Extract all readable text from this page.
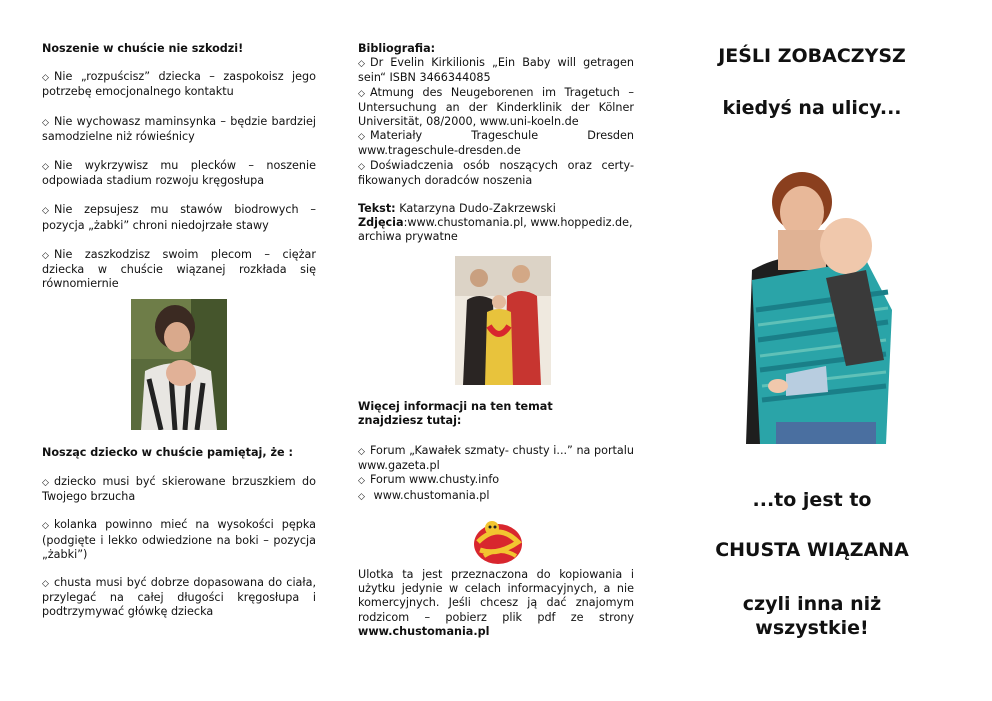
Noszenie w chuście nie szkodzi!

◇ Nie „rozpuścisz” dziecka – zaspokoisz jego potrzebę emocjonalnego kontaktu

◇ Nie wychowasz maminsynka – będzie bardziej samodzielne niż rówieśnicy

◇ Nie wykrzywisz mu plecków – noszenie odpowiada stadium rozwoju kręgosłupa

◇ Nie zepsujesz mu stawów biodrowych – pozycja „żabki” chroni niedojrzałe stawy

◇ Nie zaszkodzisz swoim plecom – ciężar dziecka w chuście wiązanej rozkłada się równomiernie

Nosząc dziecko w chuście pamiętaj, że :

◇ dziecko musi być skierowane brzuszkiem do Twojego brzucha

◇ kolanka powinno mieć na wysokości pępka (podgięte i lekko odwiedzione na boki – pozycja „żabki”)

◇ chusta musi być dobrze dopasowana do ciała, przylegać na całej długości kręgosłupa i podtrzymywać główkę dziecka

Bibliografia:

◇ Dr Evelin Kirkilionis „Ein Baby will getragen sein“ ISBN 3466344085

◇ Atmung des Neugeborenen im Tragetuch – Untersuchung an der Kinderklinik der Kölner Universität, 08/2000, www.uni-koeln.de

◇ Materiały Trageschule Dresden www.trageschule-dresden.de

◇ Doświadczenia osób noszących oraz certy-fikowanych doradców noszenia

Tekst: Katarzyna Dudo-Zakrzewski
Zdjęcia:www.chustomania.pl, www.hoppediz.de, archiwa prywatne

Więcej informacji na ten temat znajdziesz tutaj:

◇ Forum „Kawałek szmaty- chusty i...” na portalu www.gazeta.pl

◇ Forum www.chusty.info

◇ www.chustomania.pl

Ulotka ta jest przeznaczona do kopiowania i użytku jedynie w celach informacyjnych, a nie komercyjnych. Jeśli chcesz ją dać znajomym rodzicom – pobierz plik pdf ze strony www.chustomania.pl

JEŚLI ZOBACZYSZ
kiedyś na ulicy...
...to jest to
CHUSTA WIĄZANA
czyli inna niż wszystkie!
